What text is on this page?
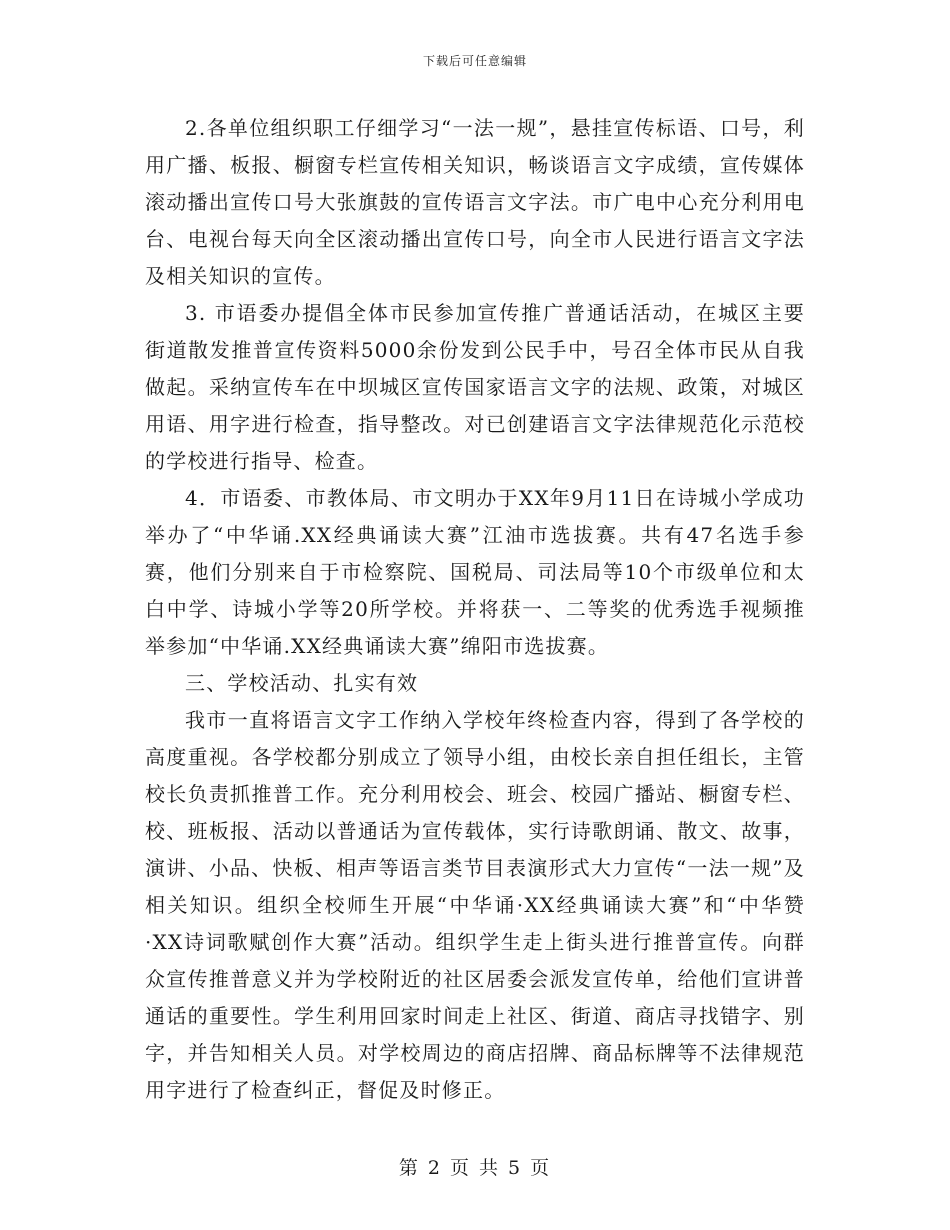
下载后可任意编辑

2.各单位组织职工仔细学习“一法一规”，悬挂宣传标语、口号，利用广播、板报、橱窗专栏宣传相关知识，畅谈语言文字成绩，宣传媒体滚动播出宣传口号大张旗鼓的宣传语言文字法。市广电中心充分利用电台、电视台每天向全区滚动播出宣传口号，向全市人民进行语言文字法及相关知识的宣传。

3. 市语委办提倡全体市民参加宣传推广普通话活动，在城区主要街道散发推普宣传资料5000余份发到公民手中，号召全体市民从自我做起。采纳宣传车在中坝城区宣传国家语言文字的法规、政策，对城区用语、用字进行检查，指导整改。对已创建语言文字法律规范化示范校的学校进行指导、检查。

4．市语委、市教体局、市文明办于XX年9月11日在诗城小学成功举办了“中华诵.XX经典诵读大赛”江油市选拔赛。共有47名选手参赛，他们分别来自于市检察院、国税局、司法局等10个市级单位和太白中学、诗城小学等20所学校。并将获一、二等奖的优秀选手视频推举参加“中华诵.XX经典诵读大赛”绵阳市选拔赛。

三、学校活动、扎实有效

我市一直将语言文字工作纳入学校年终检查内容，得到了各学校的高度重视。各学校都分别成立了领导小组，由校长亲自担任组长，主管校长负责抓推普工作。充分利用校会、班会、校园广播站、橱窗专栏、校、班板报、活动以普通话为宣传载体，实行诗歌朗诵、散文、故事，演讲、小品、快板、相声等语言类节目表演形式大力宣传“一法一规”及相关知识。组织全校师生开展“中华诵·XX经典诵读大赛”和“中华赞·XX诗词歌赋创作大赛”活动。组织学生走上街头进行推普宣传。向群众宣传推普意义并为学校附近的社区居委会派发宣传单，给他们宣讲普通话的重要性。学生利用回家时间走上社区、街道、商店寻找错字、别字，并告知相关人员。对学校周边的商店招牌、商品标牌等不法律规范用字进行了检查纠正，督促及时修正。

第 2 页 共 5 页
